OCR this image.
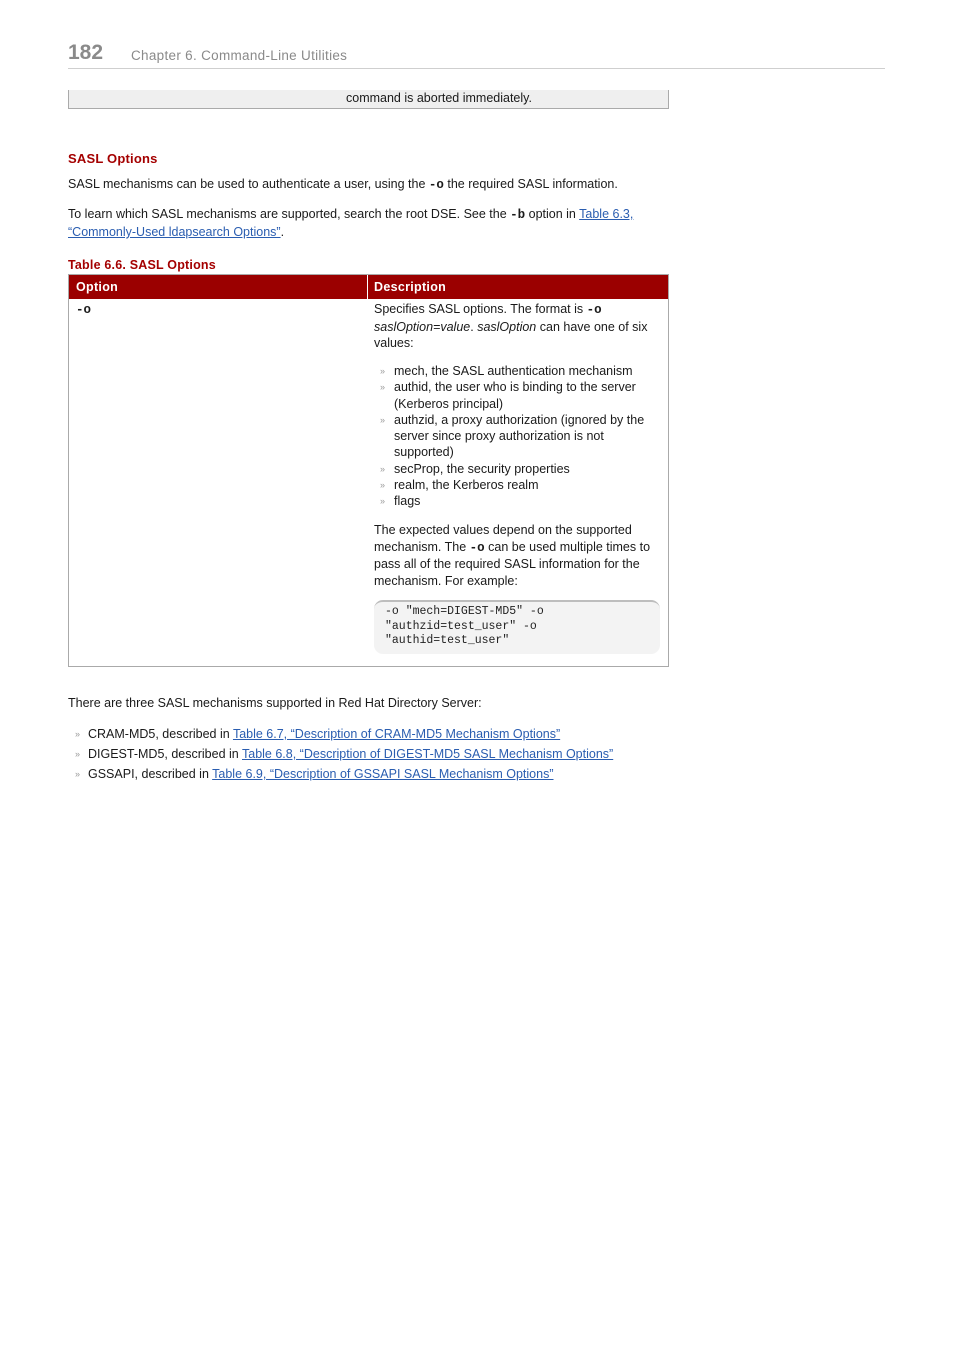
182 Chapter 6. Command-Line Utilities
command is aborted immediately.
SASL Options
SASL mechanisms can be used to authenticate a user, using the -o the required SASL information.
To learn which SASL mechanisms are supported, search the root DSE. See the -b option in Table 6.3,
“Commonly-Used ldapsearch Options”.
Table 6.6. SASL Options
Option	Description
-o	Specifies SASL options. The format is -o
saslOption=value. saslOption can have one of six values:
» mech, the SASL authentication mechanism
» authid, the user who is binding to the server (Kerberos principal)
» authzid, a proxy authorization (ignored by the server since proxy authorization is not supported)
» secProp, the security properties
» realm, the Kerberos realm
» flags
The expected values depend on the supported mechanism. The -o can be used multiple times to pass all of the required SASL information for the mechanism. For example:
-o "mech=DIGEST-MD5" -o
"authzid=test_user" -o
"authid=test_user"
There are three SASL mechanisms supported in Red Hat Directory Server:
» CRAM-MD5, described in Table 6.7, “Description of CRAM-MD5 Mechanism Options”
» DIGEST-MD5, described in Table 6.8, “Description of DIGEST-MD5 SASL Mechanism Options”
» GSSAPI, described in Table 6.9, “Description of GSSAPI SASL Mechanism Options”
